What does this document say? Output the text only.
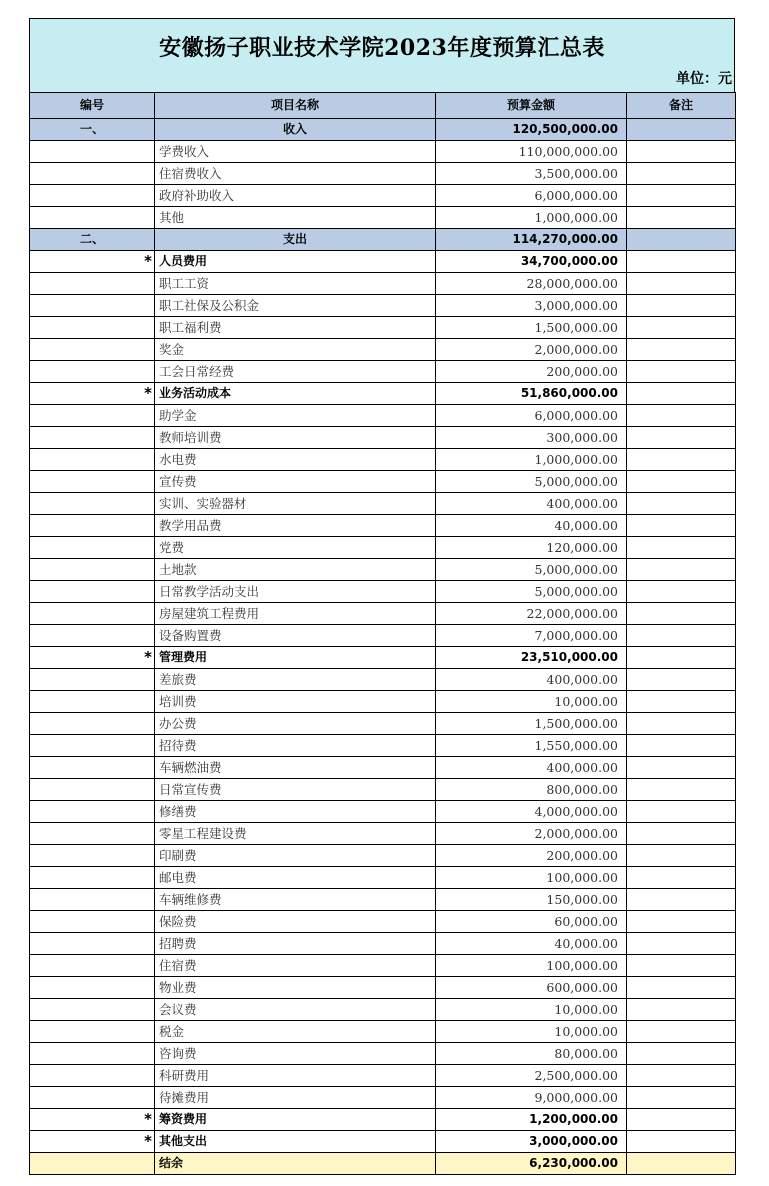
安徽扬子职业技术学院2023年度预算汇总表
单位：元
编号	项目名称	预算金额	备注
一、	收入	120,500,000.00	
	学费收入	110,000,000.00	
	住宿费收入	3,500,000.00	
	政府补助收入	6,000,000.00	
	其他	1,000,000.00	
二、	支出	114,270,000.00	
*	人员费用	34,700,000.00	
	职工工资	28,000,000.00	
	职工社保及公积金	3,000,000.00	
	职工福利费	1,500,000.00	
	奖金	2,000,000.00	
	工会日常经费	200,000.00	
*	业务活动成本	51,860,000.00	
	助学金	6,000,000.00	
	教师培训费	300,000.00	
	水电费	1,000,000.00	
	宣传费	5,000,000.00	
	实训、实验器材	400,000.00	
	教学用品费	40,000.00	
	党费	120,000.00	
	土地款	5,000,000.00	
	日常教学活动支出	5,000,000.00	
	房屋建筑工程费用	22,000,000.00	
	设备购置费	7,000,000.00	
*	管理费用	23,510,000.00	
	差旅费	400,000.00	
	培训费	10,000.00	
	办公费	1,500,000.00	
	招待费	1,550,000.00	
	车辆燃油费	400,000.00	
	日常宣传费	800,000.00	
	修缮费	4,000,000.00	
	零星工程建设费	2,000,000.00	
	印刷费	200,000.00	
	邮电费	100,000.00	
	车辆维修费	150,000.00	
	保险费	60,000.00	
	招聘费	40,000.00	
	住宿费	100,000.00	
	物业费	600,000.00	
	会议费	10,000.00	
	税金	10,000.00	
	咨询费	80,000.00	
	科研费用	2,500,000.00	
	待摊费用	9,000,000.00	
*	筹资费用	1,200,000.00	
*	其他支出	3,000,000.00	
	结余	6,230,000.00	
